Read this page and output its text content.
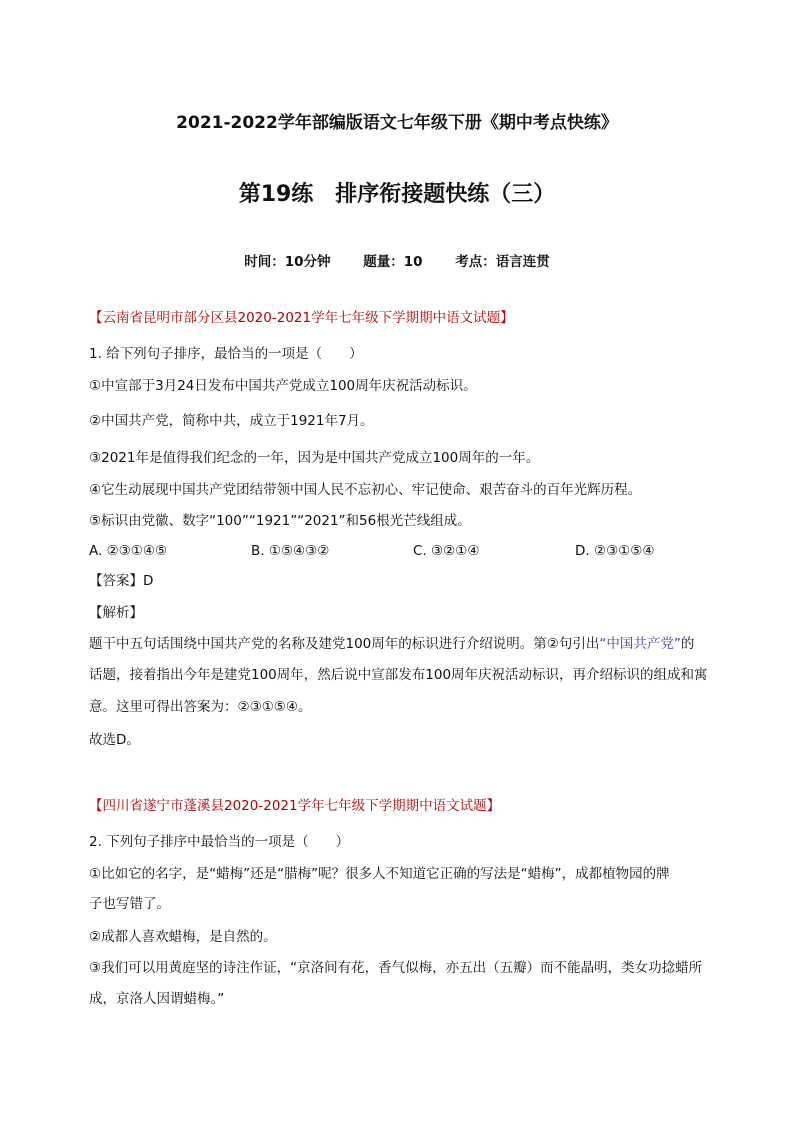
2021-2022学年部编版语文七年级下册《期中考点快练》
第19练　排序衔接题快练（三）
时间：10分钟 题量：10 考点：语言连贯
【云南省昆明市部分区县2020-2021学年七年级下学期期中语文试题】
1. 给下列句子排序，最恰当的一项是（　　）
①中宣部于3月24日发布中国共产党成立100周年庆祝活动标识。
②中国共产党，简称中共，成立于1921年7月。
③2021年是值得我们纪念的一年，因为是中国共产党成立100周年的一年。
④它生动展现中国共产党团结带领中国人民不忘初心、牢记使命、艰苦奋斗的百年光辉历程。
⑤标识由党徽、数字“100”“1921”“2021”和56根光芒线组成。
A. ②③①④⑤	B. ①⑤④③②	C. ③②①④	D. ②③①⑤④
【答案】D
【解析】
题干中五句话围绕中国共产党的名称及建党100周年的标识进行介绍说明。第②句引出“中国共产党”的
话题，接着指出今年是建党100周年，然后说中宣部发布100周年庆祝活动标识，再介绍标识的组成和寓
意。这里可得出答案为：②③①⑤④。
故选D。
【四川省遂宁市蓬溪县2020-2021学年七年级下学期期中语文试题】
2. 下列句子排序中最恰当的一项是（　　）
①比如它的名字，是“蜡梅”还是“腊梅”呢？很多人不知道它正确的写法是“蜡梅”，成都植物园的牌
子也写错了。
②成都人喜欢蜡梅，是自然的。
③我们可以用黄庭坚的诗注作证，“京洛间有花，香气似梅，亦五出（五瓣）而不能晶明，类女功捻蜡所
成，京洛人因谓蜡梅。”
